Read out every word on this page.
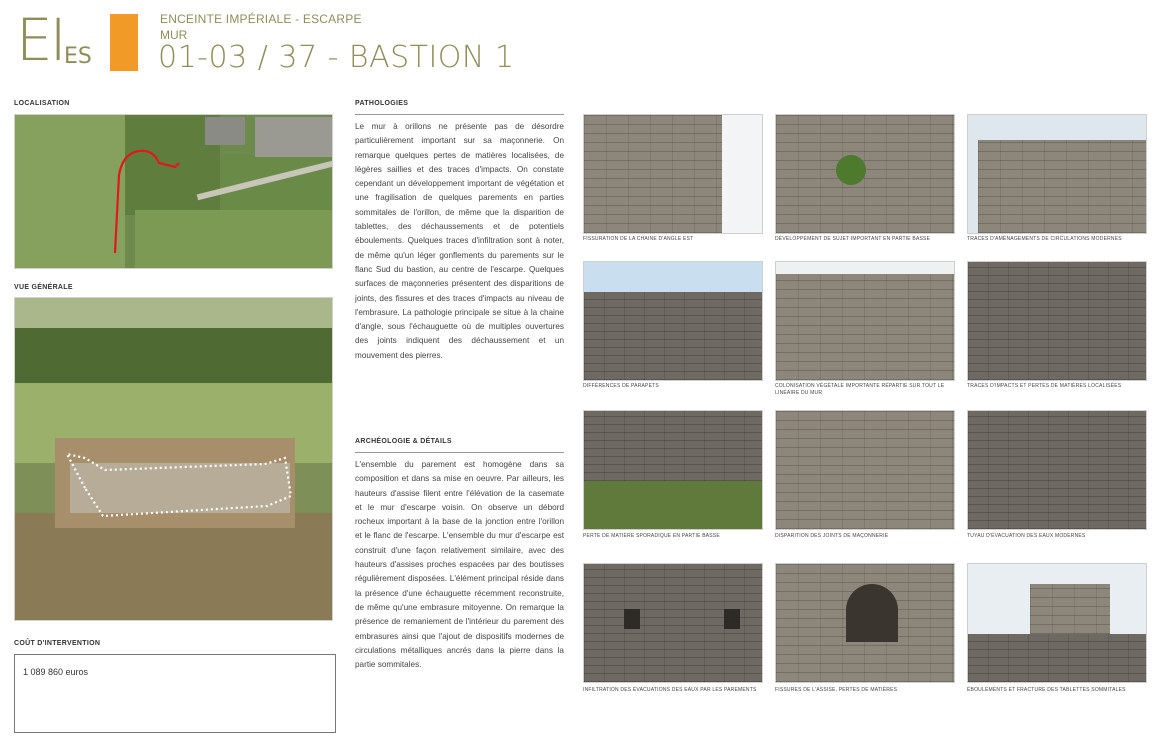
EI ES
ENCEINTE IMPÉRIALE - ESCARPE
MUR
01-03 / 37 - BASTION 1
LOCALISATION
VUE GÉNÉRALE
COÛT D'INTERVENTION
1 089 860 euros
PATHOLOGIES
Le mur à orillons ne présente pas de désordre particulièrement important sur sa maçonnerie. On remarque quelques pertes de matières localisées, de légères saillies et des traces d'impacts. On constate cependant un développement important de végétation et une fragilisation de quelques parements en parties sommitales de l'orillon, de même que la disparition de tablettes, des déchaussements et de potentiels éboulements. Quelques traces d'infiltration sont à noter, de même qu'un léger gonflements du parements sur le flanc Sud du bastion, au centre de l'escarpe. Quelques surfaces de maçonneries présentent des disparitions de joints, des fissures et des traces d'impacts au niveau de l'embrasure. La pathologie principale se situe à la chaine d'angle, sous l'échauguette où de multiples ouvertures des joints indiquent des déchaussement et un mouvement des pierres.
ARCHÉOLOGIE & DÉTAILS
L'ensemble du parement est homogène dans sa composition et dans sa mise en oeuvre. Par ailleurs, les hauteurs d'assise filent entre l'élévation de la casemate et le mur d'escarpe voisin. On observe un débord rocheux important à la base de la jonction entre l'orillon et le flanc de l'escarpe. L'ensemble du mur d'escarpe est construit d'une façon relativement similaire, avec des hauteurs d'assises proches espacées par des boutisses régulièrement disposées. L'élément principal réside dans la présence d'une échauguette récemment reconstruite, de même qu'une embrasure mitoyenne. On remarque la présence de remaniement de l'intérieur du parement des embrasures ainsi que l'ajout de dispositifs modernes de circulations métalliques ancrés dans la pierre dans la partie sommitales.
FISSURATION DE LA CHAINE D'ANGLE EST	DÉVELOPPEMENT DE SUJET IMPORTANT EN PARTIE BASSE	TRACES D'AMÉNAGEMENTS DE CIRCULATIONS MODERNES
DIFFÉRENCES DE PARAPETS	COLONISATION VÉGÉTALE IMPORTANTE RÉPARTIE SUR TOUT LE LINÉAIRE DU MUR
TRACES D'IMPACTS ET PERTES DE MATIÈRES LOCALISÉES
PERTE DE MATIÈRE SPORADIQUE EN PARTIE BASSE	DISPARITION DES JOINTS DE MAÇONNERIE	TUYAU D'ÉVACUATION DES EAUX MODERNES
INFILTRATION DES ÉVACUATIONS DES EAUX PAR LES PAREMENTS	FISSURES DE L'ASSISE, PERTES DE MATIÈRES	ÉBOULEMENTS ET FRACTURE DES TABLETTES SOMMITALES
